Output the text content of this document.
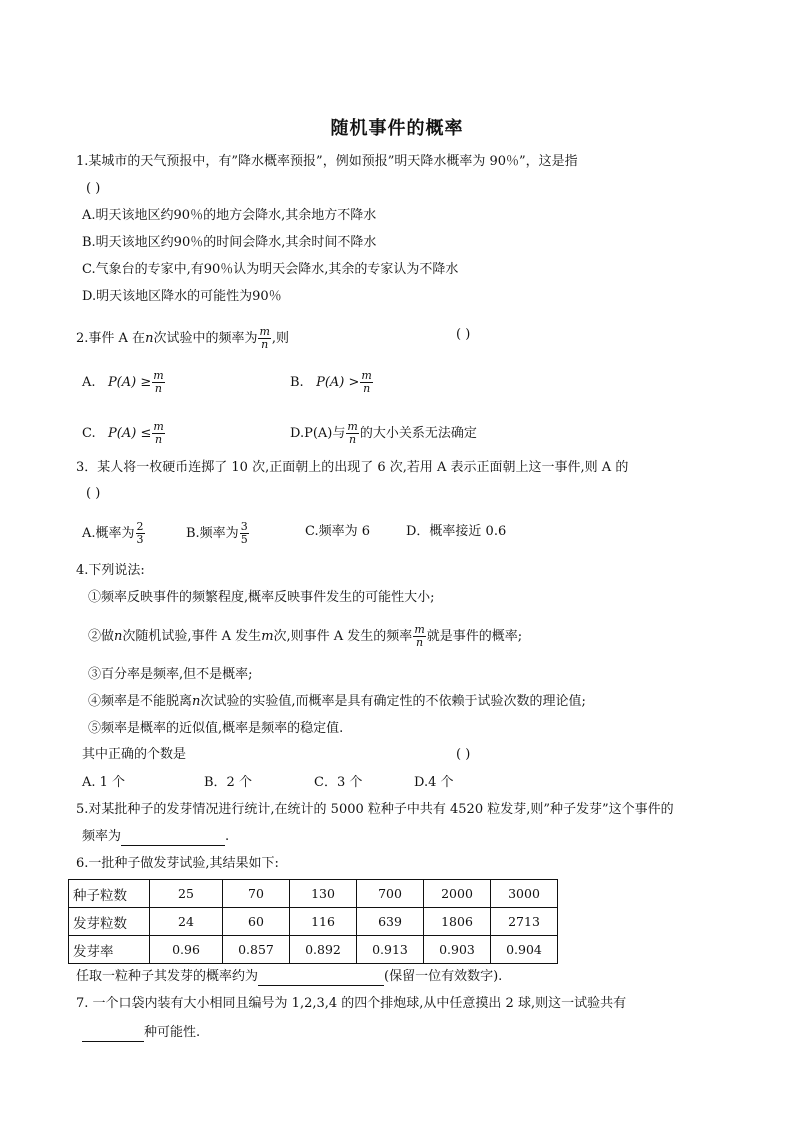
随机事件的概率
1.某城市的天气预报中，有”降水概率预报”，例如预报”明天降水概率为 90％”，这是指
( )
A.明天该地区约90％的地方会降水,其余地方不降水
B.明天该地区约90％的时间会降水,其余时间不降水
C.气象台的专家中,有90％认为明天会降水,其余的专家认为不降水
D.明天该地区降水的可能性为90％
2.事件 A 在n次试验中的频率为 $\frac{m}{n}$ ,则	( )
A. $P(A) \ge \frac{m}{n}$	B. $P(A) > \frac{m}{n}$
C. $P(A) \le \frac{m}{n}$	D.P(A)与 $\frac{m}{n}$ 的大小关系无法确定
3．某人将一枚硬币连掷了 10 次,正面朝上的出现了 6 次,若用 A 表示正面朝上这一事件,则 A 的
( )
A.概率为 $\frac{2}{3}$	B.频率为 $\frac{3}{5}$	C.频率为 6	D．概率接近 0.6
4.下列说法:
①频率反映事件的频繁程度,概率反映事件发生的可能性大小;
②做n次随机试验,事件 A 发生m次,则事件 A 发生的频率 $\frac{m}{n}$ 就是事件的概率;
③百分率是频率,但不是概率;
④频率是不能脱离n次试验的实验值,而概率是具有确定性的不依赖于试验次数的理论值;
⑤频率是概率的近似值,概率是频率的稳定值.
其中正确的个数是	( )
A. 1 个	B．2 个	C．3 个	D.4 个
5.对某批种子的发芽情况进行统计,在统计的 5000 粒种子中共有 4520 粒发芽,则”种子发芽”这个事件的
频率为	.
6.一批种子做发芽试验,其结果如下:
种子粒数	25	70	130	700	2000	3000
发芽粒数	24	60	116	639	1806	2713
发芽率	0.96	0.857	0.892	0.913	0.903	0.904
任取一粒种子其发芽的概率约为	(保留一位有效数字).
7. 一个口袋内装有大小相同且编号为 1,2,3,4 的四个排炮球,从中任意摸出 2 球,则这一试验共有
种可能性.
